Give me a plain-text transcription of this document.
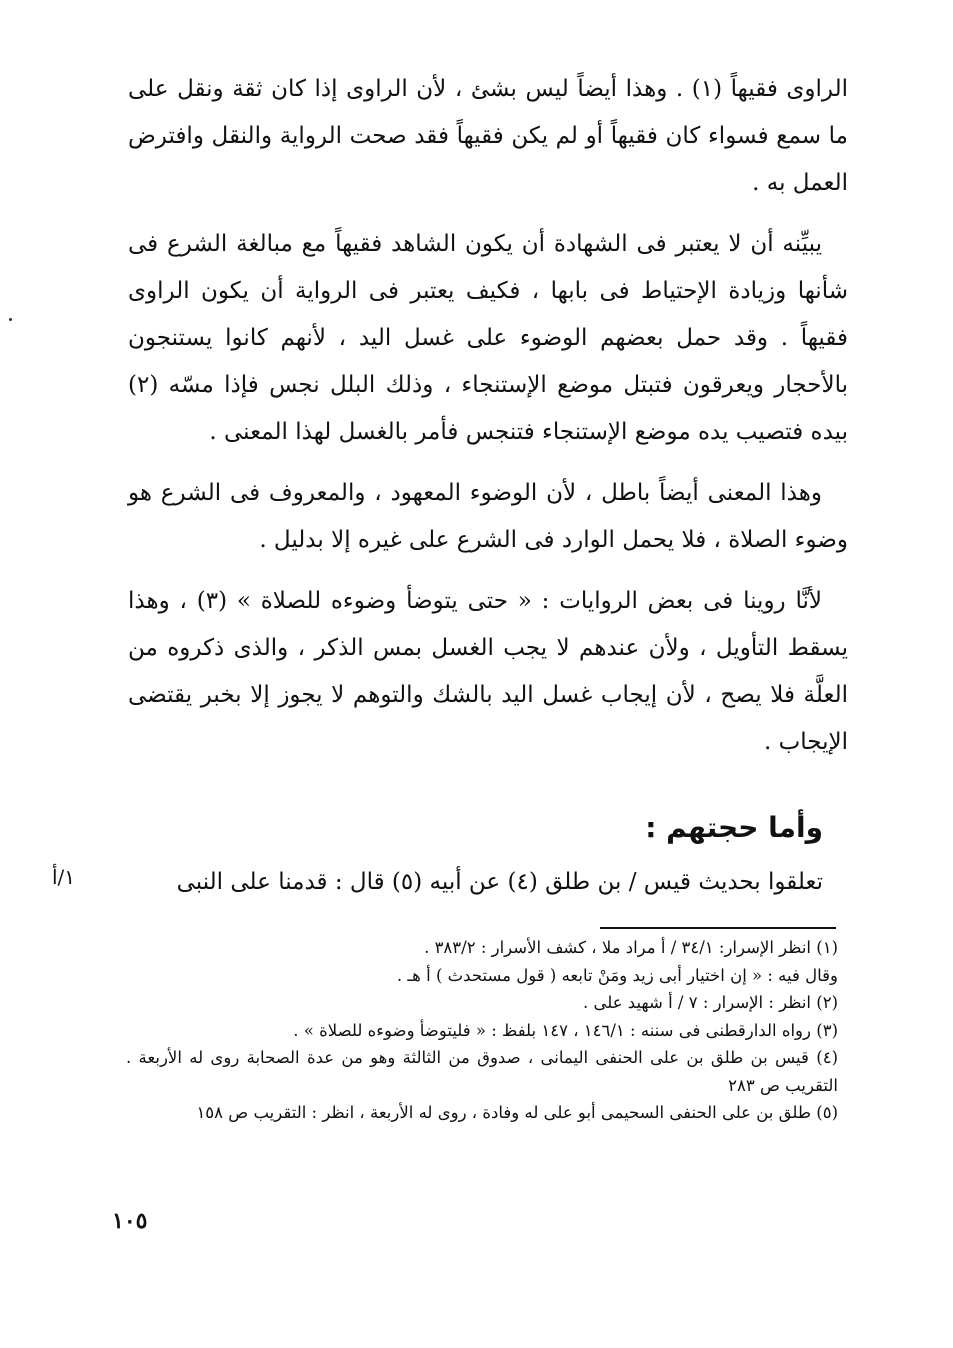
الراوى فقيهاً (١) . وهذا أيضاً ليس بشئ ، لأن الراوى إذا كان ثقة ونقل على ما سمع فسواء كان فقيهاً أو لم يكن فقيهاً فقد صحت الرواية والنقل وافترض العمل به .

يبيِّنه أن لا يعتبر فى الشهادة أن يكون الشاهد فقيهاً مع مبالغة الشرع فى شأنها وزيادة الإحتياط فى بابها ، فكيف يعتبر فى الرواية أن يكون الراوى فقيهاً . وقد حمل بعضهم الوضوء على غسل اليد ، لأنهم كانوا يستنجون بالأحجار ويعرقون فتبتل موضع الإستنجاء ، وذلك البلل نجس فإذا مسّه (٢) بيده فتصيب يده موضع الإستنجاء فتنجس فأمر بالغسل لهذا المعنى .

وهذا المعنى أيضاً باطل ، لأن الوضوء المعهود ، والمعروف فى الشرع هو وضوء الصلاة ، فلا يحمل الوارد فى الشرع على غيره إلا بدليل .

لأنَّا روينا فى بعض الروايات : « حتى يتوضأ وضوءه للصلاة » (٣) ، وهذا يسقط التأويل ، ولأن عندهم لا يجب الغسل بمس الذكر ، والذى ذكروه من العلَّة فلا يصح ، لأن إيجاب غسل اليد بالشك والتوهم لا يجوز إلا بخبر يقتضى الإيجاب .

وأما حجتهم :
تعلقوا بحديث قيس / بن طلق (٤) عن أبيه (٥) قال : قدمنا على النبى
١/أ
(١) انظر الإسرار: ٣٤/١ / أ مراد ملا ، كشف الأسرار : ٣٨٣/٢ .
وقال فيه : « إن اختيار أبى زيد ومَنْ تابعه ( قول مستحدث ) أ هـ .
(٢) انظر : الإسرار : ٧ / أ شهيد على .
(٣) رواه الدارقطنى فى سننه : ١٤٦/١ ، ١٤٧ بلفظ : « فليتوضأ وضوءه للصلاة » .
(٤) قيس بن طلق بن على الحنفى اليمانى ، صدوق من الثالثة وهو من عدة الصحابة روى له الأربعة . التقريب ص ٢٨٣
(٥) طلق بن على الحنفى السحيمى أبو على له وفادة ، روى له الأربعة ، انظر : التقريب ص ١٥٨
١٠٥
